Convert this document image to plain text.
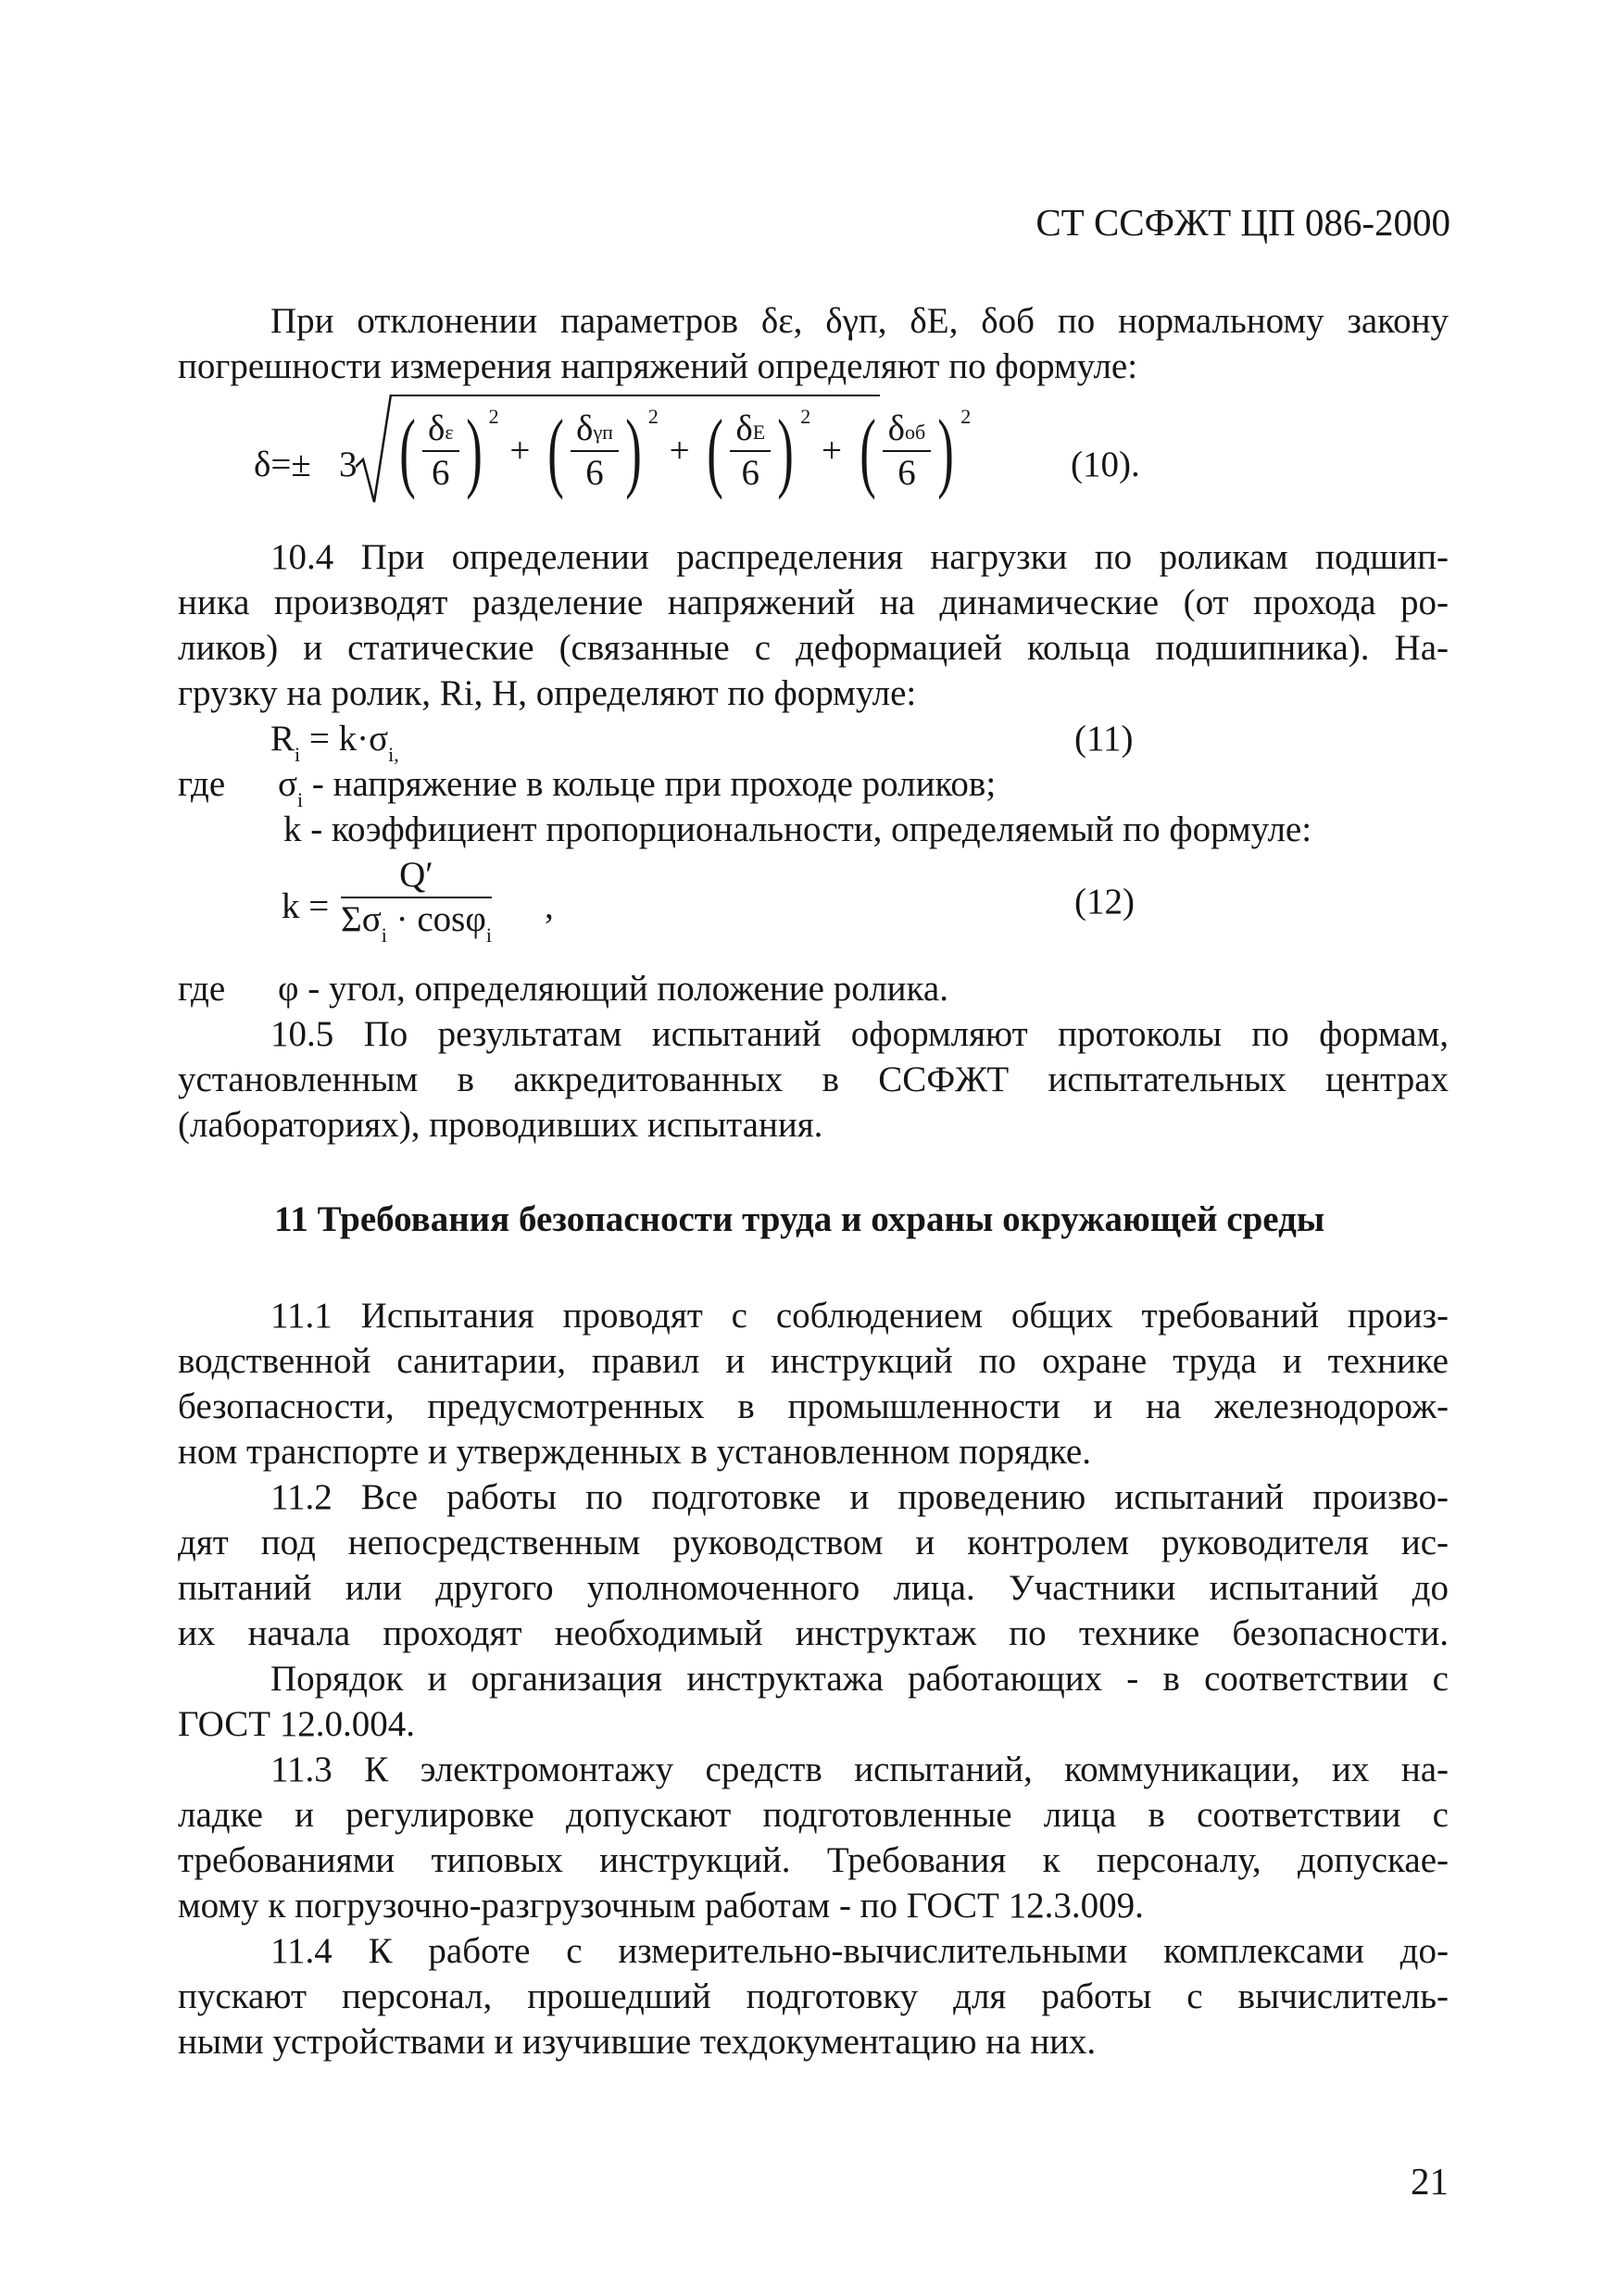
СТ ССФЖТ ЦП 086-2000
При отклонении параметров δε, δγп, δE, δоб по нормальному закону
погрешности измерения напряжений определяют по формуле:
δ=± 3 ( $\frac{\delta\varepsilon}{6}$ ) $^2$ + ( $\frac{\text{δγп}}{6}$ ) $^2$ + ( $\frac{\delta E}{6}$ ) $^2$ + ( $\frac{\text{δоб}}{6}$ ) $^2$
(10).
10.4 При определении распределения нагрузки по роликам подшип-
ника производят разделение напряжений на динамические (от прохода ро-
ликов) и статические (связанные с деформацией кольца подшипника). На-
грузку на ролик, Ri, H, определяют по формуле:
$R_i = k\cdot\sigma_{i,}$	(11)
где $\sigma_i$ - напряжение в кольце при проходе роликов;
k - коэффициент пропорциональности, определяемый по формуле:
$k = \frac{Q'}{\Sigma\sigma_i \cdot \cos\varphi_i}$ ,	(12)
где φ - угол, определяющий положение ролика.
10.5 По результатам испытаний оформляют протоколы по формам,
установленным в аккредитованных в ССФЖТ испытательных центрах
(лабораториях), проводивших испытания.
11 Требования безопасности труда и охраны окружающей среды
11.1 Испытания проводят с соблюдением общих требований произ-
водственной санитарии, правил и инструкций по охране труда и технике
безопасности, предусмотренных в промышленности и на железнодорож-
ном транспорте и утвержденных в установленном порядке.
11.2 Все работы по подготовке и проведению испытаний произво-
дят под непосредственным руководством и контролем руководителя ис-
пытаний или другого уполномоченного лица. Участники испытаний до
их начала проходят необходимый инструктаж по технике безопасности.
Порядок и организация инструктажа работающих - в соответствии с
ГОСТ 12.0.004.
11.3 К электромонтажу средств испытаний, коммуникации, их на-
ладке и регулировке допускают подготовленные лица в соответствии с
требованиями типовых инструкций. Требования к персоналу, допускае-
мому к погрузочно-разгрузочным работам - по ГОСТ 12.3.009.
11.4 К работе с измерительно-вычислительными комплексами до-
пускают персонал, прошедший подготовку для работы с вычислитель-
ными устройствами и изучившие техдокументацию на них.
21
